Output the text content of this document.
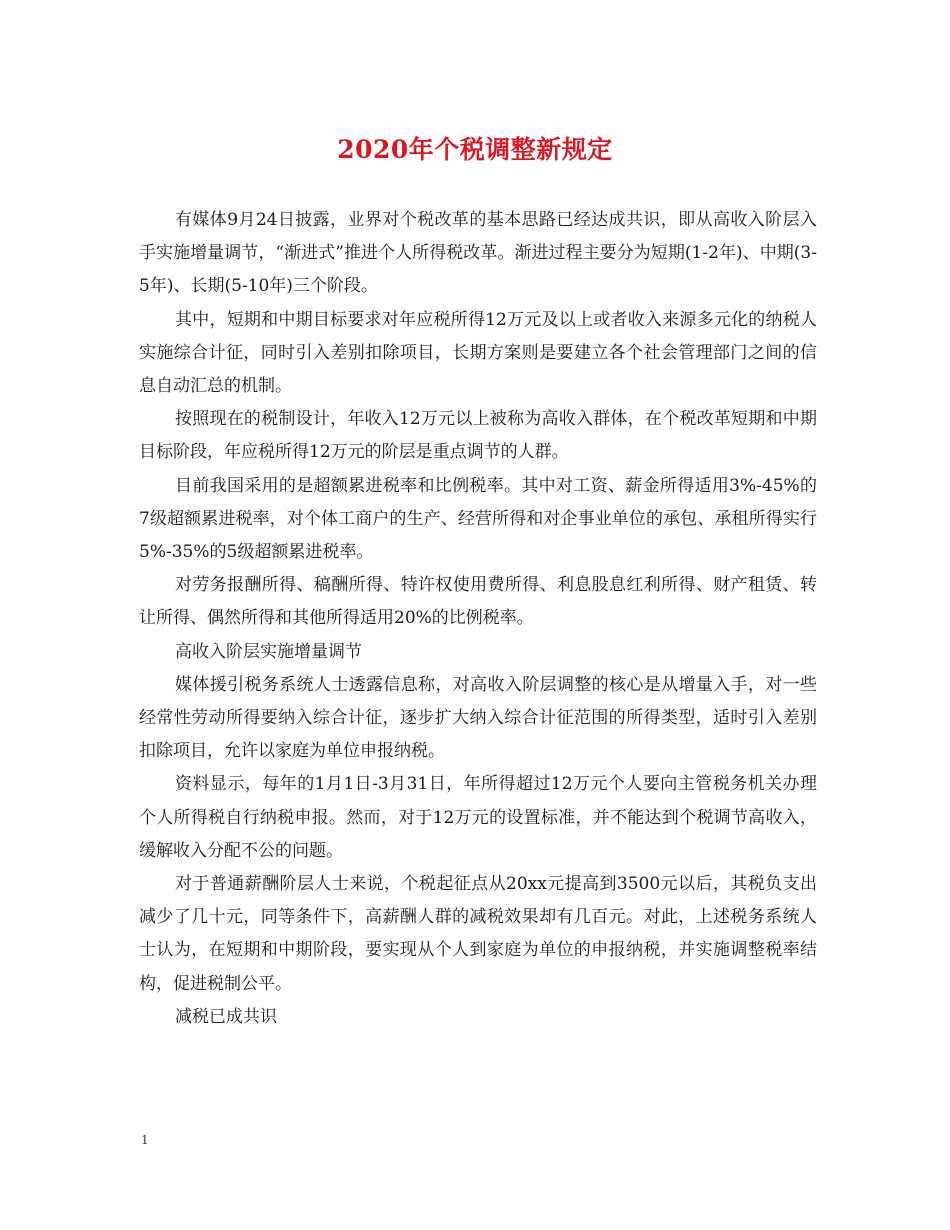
2020年个税调整新规定

有媒体9月24日披露，业界对个税改革的基本思路已经达成共识，即从高收入阶层入手实施增量调节，“渐进式”推进个人所得税改革。渐进过程主要分为短期(1-2年)、中期(3-5年)、长期(5-10年)三个阶段。

其中，短期和中期目标要求对年应税所得12万元及以上或者收入来源多元化的纳税人实施综合计征，同时引入差别扣除项目，长期方案则是要建立各个社会管理部门之间的信息自动汇总的机制。

按照现在的税制设计，年收入12万元以上被称为高收入群体，在个税改革短期和中期目标阶段，年应税所得12万元的阶层是重点调节的人群。

目前我国采用的是超额累进税率和比例税率。其中对工资、薪金所得适用3%-45%的7级超额累进税率，对个体工商户的生产、经营所得和对企事业单位的承包、承租所得实行5%-35%的5级超额累进税率。

对劳务报酬所得、稿酬所得、特许权使用费所得、利息股息红利所得、财产租赁、转让所得、偶然所得和其他所得适用20%的比例税率。

高收入阶层实施增量调节

媒体援引税务系统人士透露信息称，对高收入阶层调整的核心是从增量入手，对一些经常性劳动所得要纳入综合计征，逐步扩大纳入综合计征范围的所得类型，适时引入差别扣除项目，允许以家庭为单位申报纳税。

资料显示，每年的1月1日-3月31日，年所得超过12万元个人要向主管税务机关办理个人所得税自行纳税申报。然而，对于12万元的设置标准，并不能达到个税调节高收入，缓解收入分配不公的问题。

对于普通薪酬阶层人士来说，个税起征点从20xx元提高到3500元以后，其税负支出减少了几十元，同等条件下，高薪酬人群的减税效果却有几百元。对此，上述税务系统人士认为，在短期和中期阶段，要实现从个人到家庭为单位的申报纳税，并实施调整税率结构，促进税制公平。

减税已成共识

1
